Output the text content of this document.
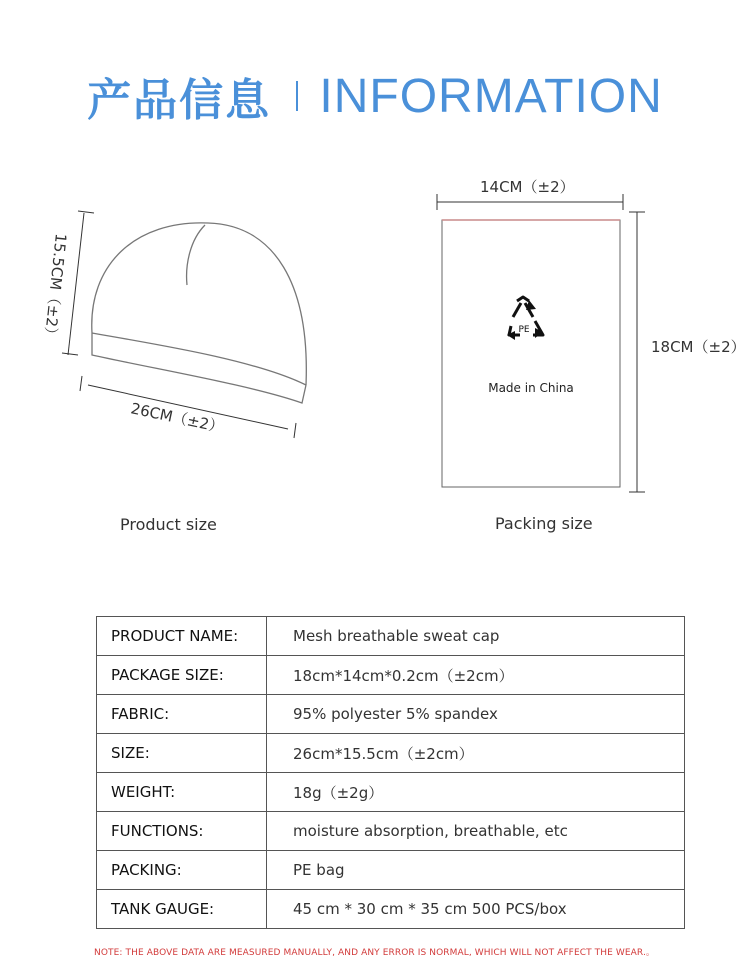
产品信息 INFORMATION
15.5CM（±2）
26CM（±2）
Product size
14CM（±2）
PE
Made in China
18CM（±2）
Packing size
PRODUCT NAME:	Mesh breathable sweat cap
PACKAGE SIZE:	18cm*14cm*0.2cm（±2cm）
FABRIC:	95% polyester 5% spandex
SIZE:	26cm*15.5cm（±2cm）
WEIGHT:	18g（±2g）
FUNCTIONS:	moisture absorption, breathable, etc
PACKING:	PE bag
TANK GAUGE:	45 cm * 30 cm * 35 cm 500 PCS/box
NOTE: THE ABOVE DATA ARE MEASURED MANUALLY, AND ANY ERROR IS NORMAL, WHICH WILL NOT AFFECT THE WEAR.。
